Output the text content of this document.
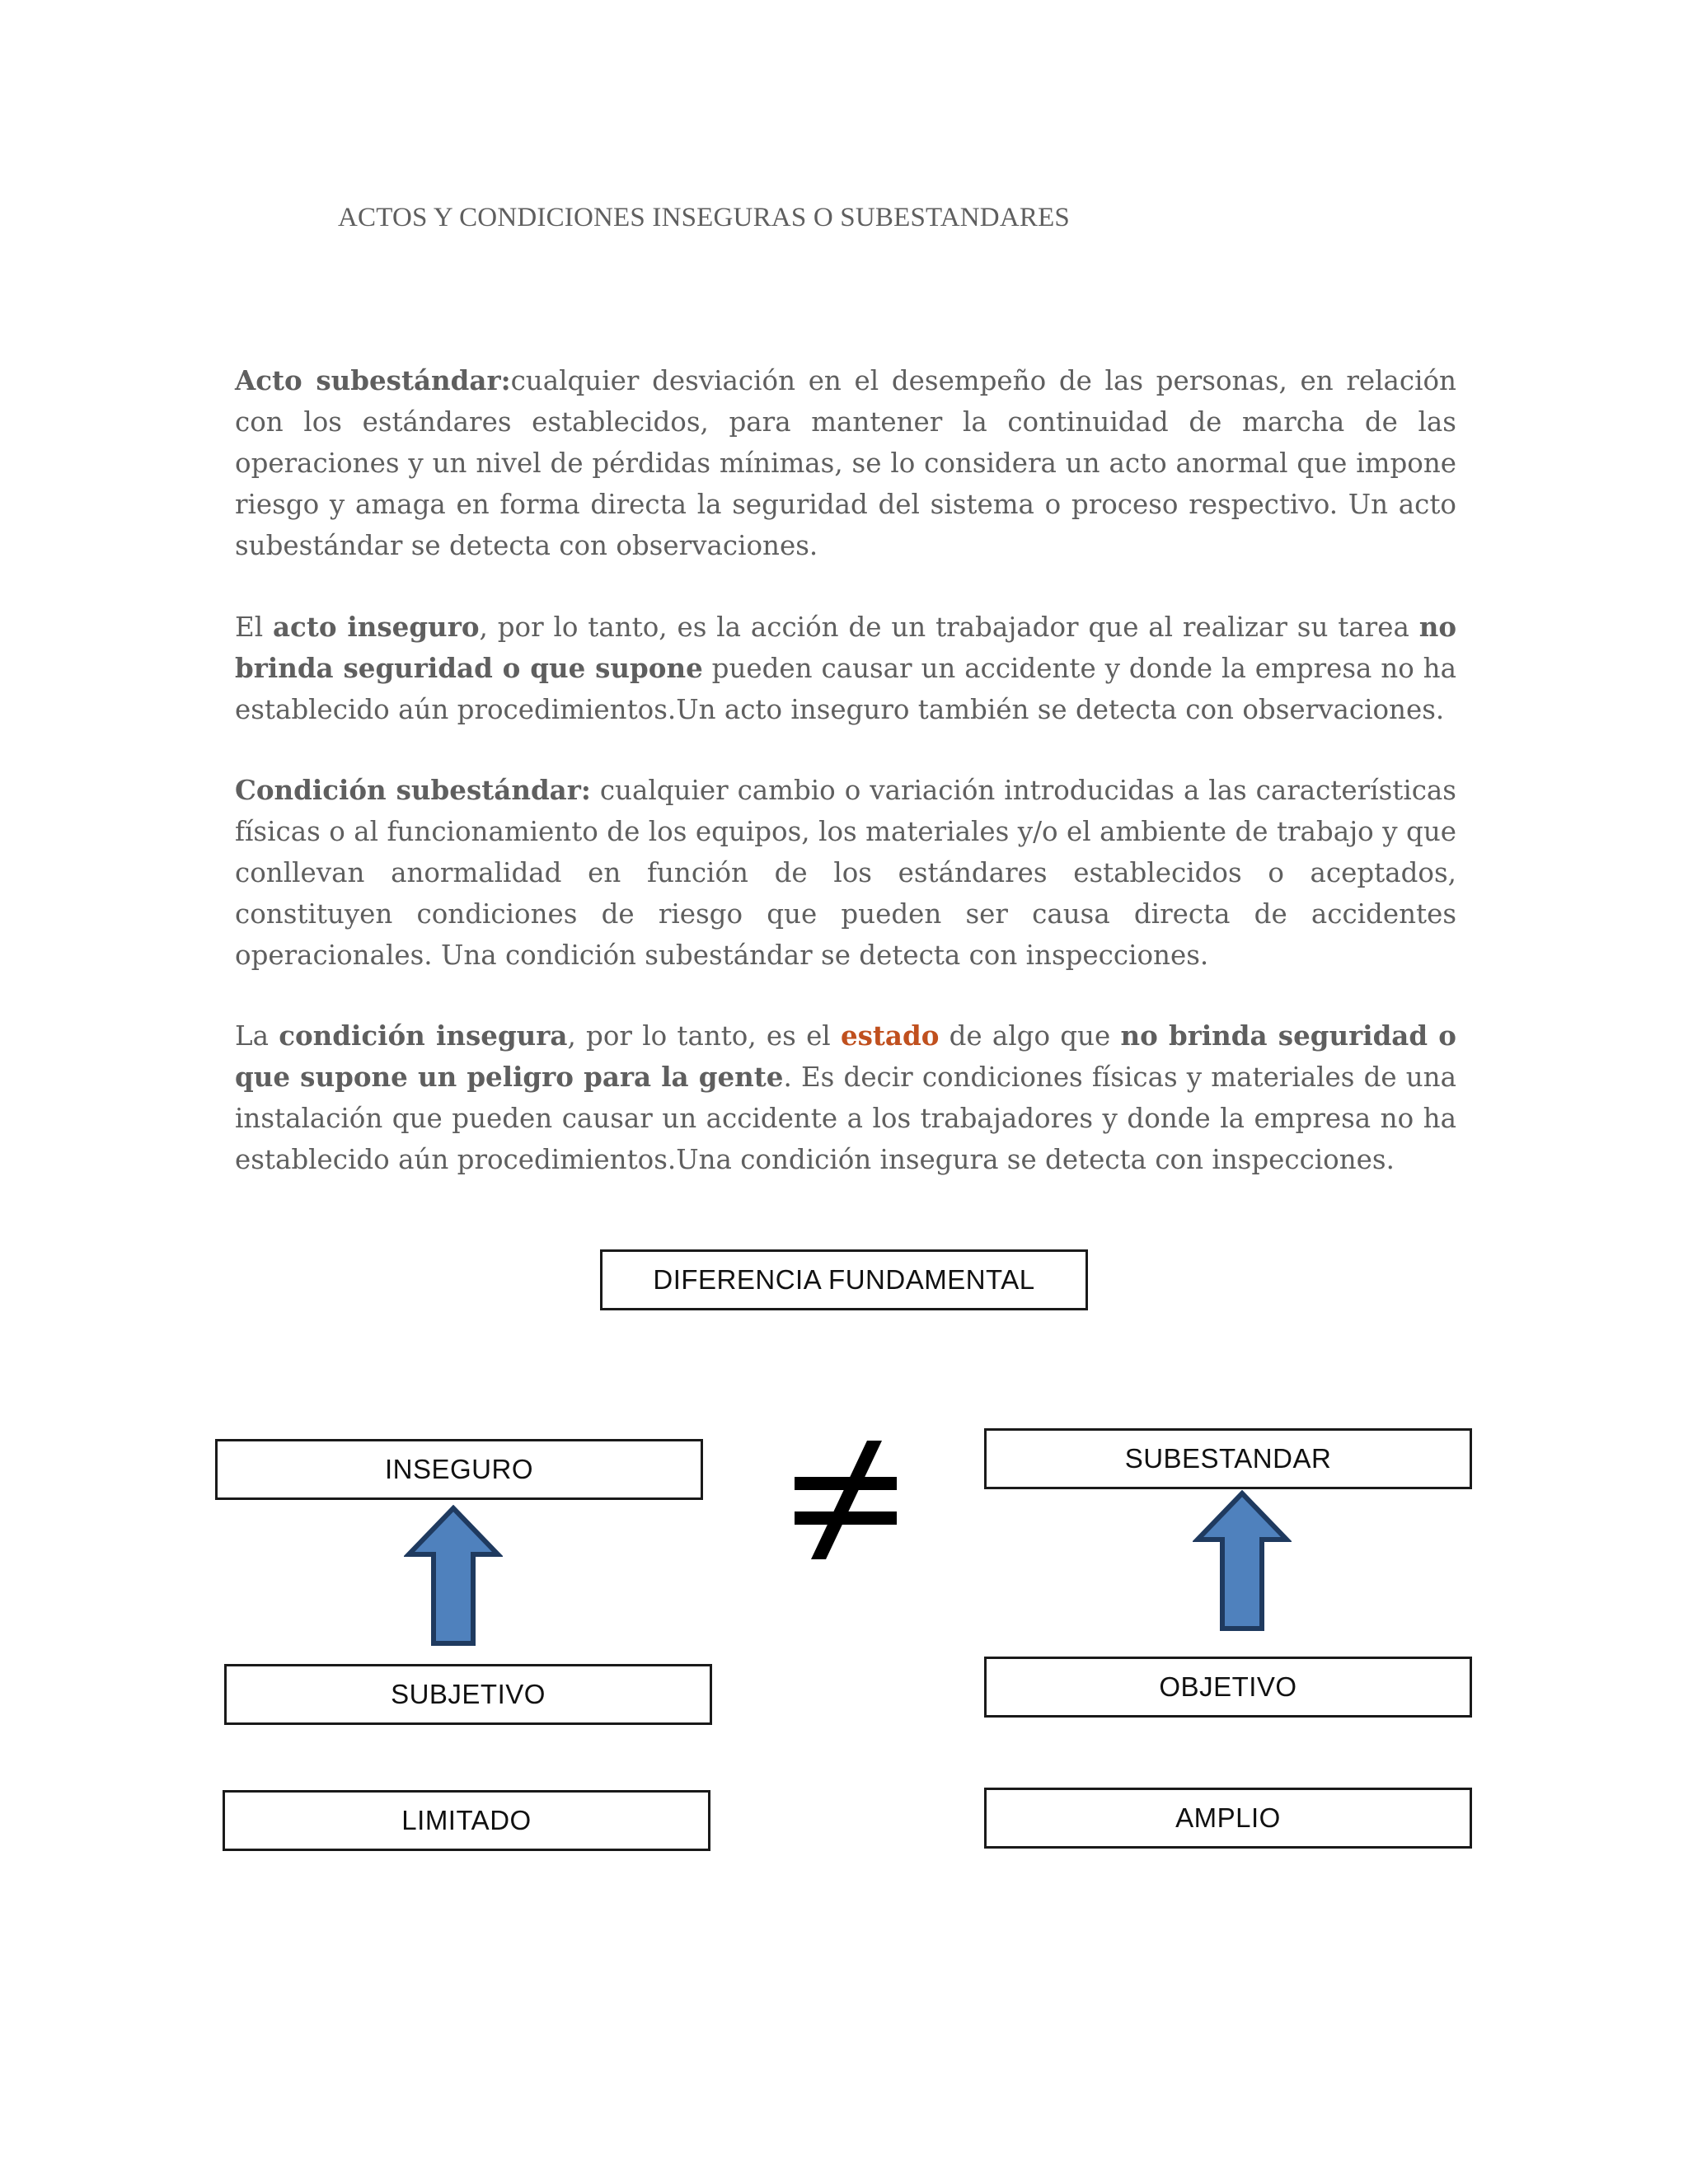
ACTOS Y CONDICIONES INSEGURAS O SUBESTANDARES
Acto subestándar:cualquier desviación en el desempeño de las personas, en relación con los estándares establecidos, para mantener la continuidad de marcha de las operaciones y un nivel de pérdidas mínimas, se lo considera un acto anormal que impone riesgo y amaga en forma directa la seguridad del sistema o proceso respectivo. Un acto subestándar se detecta con observaciones.
El acto inseguro, por lo tanto, es la acción de un trabajador que al realizar su tarea no brinda seguridad o que supone pueden causar un accidente y donde la empresa no ha establecido aún procedimientos.Un acto inseguro también se detecta con observaciones.
Condición subestándar: cualquier cambio o variación introducidas a las características físicas o al funcionamiento de los equipos, los materiales y/o el ambiente de trabajo y que conllevan anormalidad en función de los estándares establecidos o aceptados, constituyen condiciones de riesgo que pueden ser causa directa de accidentes operacionales. Una condición subestándar se detecta con inspecciones.
La condición insegura, por lo tanto, es el estado de algo que no brinda seguridad o que supone un peligro para la gente. Es decir condiciones físicas y materiales de una instalación que pueden causar un accidente a los trabajadores y donde la empresa no ha establecido aún procedimientos.Una condición insegura se detecta con inspecciones.
DIFERENCIA FUNDAMENTAL
INSEGURO	SUBESTANDAR
SUBJETIVO	OBJETIVO
LIMITADO	AMPLIO
